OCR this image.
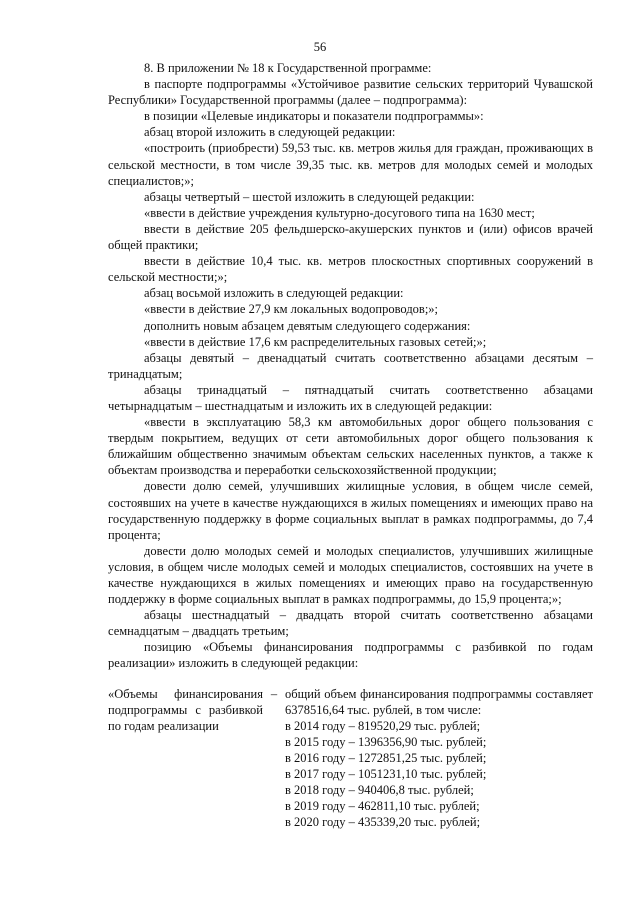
56

8. В приложении № 18 к Государственной программе:

в паспорте подпрограммы «Устойчивое развитие сельских территорий Чувашской Республики» Государственной программы (далее – подпрограмма):

в позиции «Целевые индикаторы и показатели подпрограммы»:

абзац второй изложить в следующей редакции:

«построить (приобрести) 59,53 тыс. кв. метров жилья для граждан, проживающих в сельской местности, в том числе 39,35 тыс. кв. метров для молодых семей и молодых специалистов;»;

абзацы четвертый – шестой изложить в следующей редакции:

«ввести в действие учреждения культурно-досугового типа на 1630 мест;

ввести в действие 205 фельдшерско-акушерских пунктов и (или) офисов врачей общей практики;

ввести в действие 10,4 тыс. кв. метров плоскостных спортивных сооружений в сельской местности;»;

абзац восьмой изложить в следующей редакции:

«ввести в действие 27,9 км локальных водопроводов;»;

дополнить новым абзацем девятым следующего содержания:

«ввести в действие 17,6 км распределительных газовых сетей;»;

абзацы девятый – двенадцатый считать соответственно абзацами десятым – тринадцатым;

абзацы тринадцатый – пятнадцатый считать соответственно абзацами четырнадцатым – шестнадцатым и изложить их в следующей редакции:

«ввести в эксплуатацию 58,3 км автомобильных дорог общего пользования с твердым покрытием, ведущих от сети автомобильных дорог общего пользования к ближайшим общественно значимым объектам сельских населенных пунктов, а также к объектам производства и переработки сельскохозяйственной продукции;

довести долю семей, улучшивших жилищные условия, в общем числе семей, состоявших на учете в качестве нуждающихся в жилых помещениях и имеющих право на государственную поддержку в форме социальных выплат в рамках подпрограммы, до 7,4 процента;

довести долю молодых семей и молодых специалистов, улучшивших жилищные условия, в общем числе молодых семей и молодых специалистов, состоявших на учете в качестве нуждающихся в жилых помещениях и имеющих право на государственную поддержку в форме социальных выплат в рамках подпрограммы, до 15,9 процента;»;

абзацы шестнадцатый – двадцать второй считать соответственно абзацами семнадцатым – двадцать третьим;

позицию «Объемы финансирования подпрограммы с разбивкой по годам реализации» изложить в следующей редакции:

«Объемы финансирования подпрограммы с разбивкой по годам реализации
– общий объем финансирования подпрограммы составляет 6378516,64 тыс. рублей, в том числе:

в 2014 году – 819520,29 тыс. рублей;

в 2015 году – 1396356,90 тыс. рублей;

в 2016 году – 1272851,25 тыс. рублей;

в 2017 году – 1051231,10 тыс. рублей;

в 2018 году – 940406,8 тыс. рублей;

в 2019 году – 462811,10 тыс. рублей;

в 2020 году – 435339,20 тыс. рублей;
